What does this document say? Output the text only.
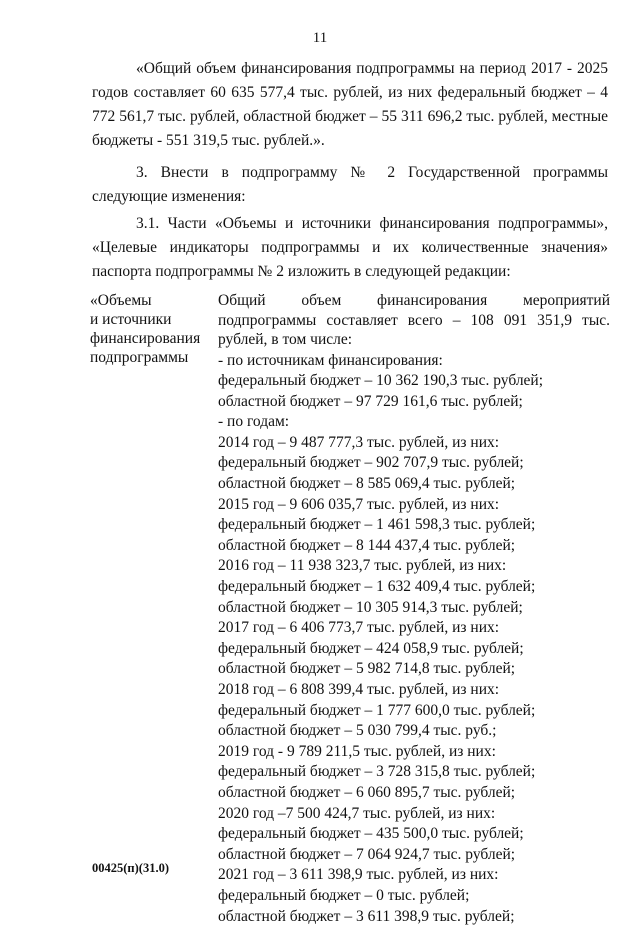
11
«Общий объем финансирования подпрограммы на период 2017 - 2025 годов составляет 60 635 577,4 тыс. рублей, из них федеральный бюджет – 4 772 561,7 тыс. рублей, областной бюджет – 55 311 696,2 тыс. рублей, местные бюджеты - 551 319,5 тыс. рублей.».
3. Внести в подпрограмму № 2 Государственной программы следующие изменения:
3.1. Части «Объемы и источники финансирования подпрограммы», «Целевые индикаторы подпрограммы и их количественные значения» паспорта подпрограммы № 2 изложить в следующей редакции:
«Объемы
и источники
финансирования
подпрограммы
Общий объем финансирования мероприятий подпрограммы составляет всего – 108 091 351,9 тыс. рублей, в том числе:
- по источникам финансирования:
федеральный бюджет – 10 362 190,3 тыс. рублей;
областной бюджет – 97 729 161,6 тыс. рублей;
- по годам:
2014 год – 9 487 777,3 тыс. рублей, из них:
федеральный бюджет – 902 707,9 тыс. рублей;
областной бюджет – 8 585 069,4 тыс. рублей;
2015 год – 9 606 035,7 тыс. рублей, из них:
федеральный бюджет – 1 461 598,3 тыс. рублей;
областной бюджет – 8 144 437,4 тыс. рублей;
2016 год – 11 938 323,7 тыс. рублей, из них:
федеральный бюджет – 1 632 409,4 тыс. рублей;
областной бюджет – 10 305 914,3 тыс. рублей;
2017 год – 6 406 773,7 тыс. рублей, из них:
федеральный бюджет – 424 058,9 тыс. рублей;
областной бюджет – 5 982 714,8 тыс. рублей;
2018 год – 6 808 399,4 тыс. рублей, из них:
федеральный бюджет – 1 777 600,0 тыс. рублей;
областной бюджет – 5 030 799,4 тыс. руб.;
2019 год - 9 789 211,5 тыс. рублей, из них:
федеральный бюджет – 3 728 315,8 тыс. рублей;
областной бюджет – 6 060 895,7 тыс. рублей;
2020 год –7 500 424,7 тыс. рублей, из них:
федеральный бюджет – 435 500,0 тыс. рублей;
областной бюджет – 7 064 924,7 тыс. рублей;
2021 год – 3 611 398,9 тыс. рублей, из них:
федеральный бюджет – 0 тыс. рублей;
областной бюджет – 3 611 398,9 тыс. рублей;
00425(п)(31.0)
